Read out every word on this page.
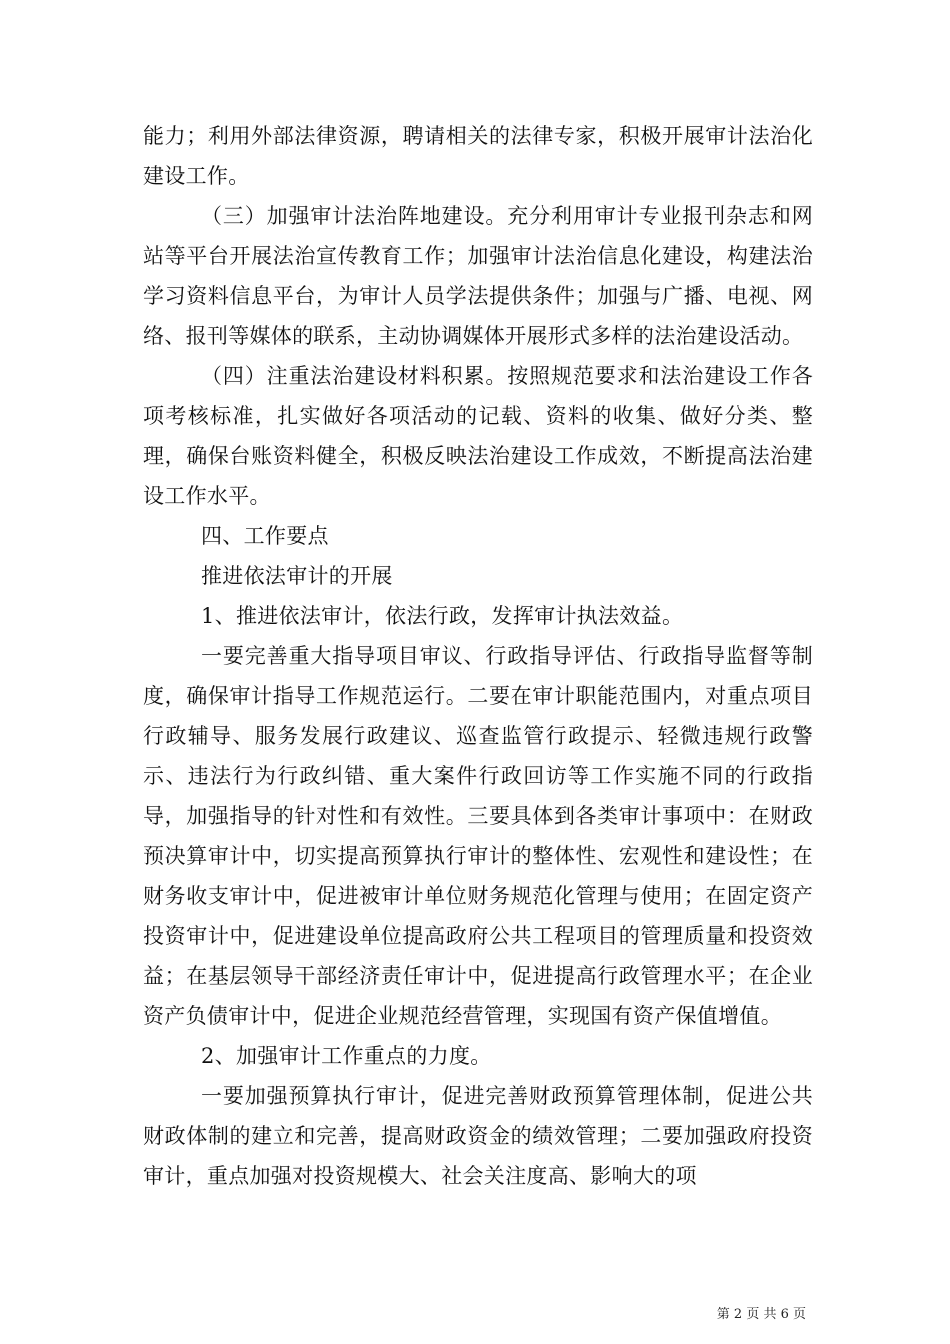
能力；利用外部法律资源，聘请相关的法律专家，积极开展审计法治化建设工作。

（三）加强审计法治阵地建设。充分利用审计专业报刊杂志和网站等平台开展法治宣传教育工作；加强审计法治信息化建设，构建法治学习资料信息平台，为审计人员学法提供条件；加强与广播、电视、网络、报刊等媒体的联系，主动协调媒体开展形式多样的法治建设活动。

（四）注重法治建设材料积累。按照规范要求和法治建设工作各项考核标准，扎实做好各项活动的记载、资料的收集、做好分类、整理，确保台账资料健全，积极反映法治建设工作成效，不断提高法治建设工作水平。

四、工作要点

推进依法审计的开展

1、推进依法审计，依法行政，发挥审计执法效益。

一要完善重大指导项目审议、行政指导评估、行政指导监督等制度，确保审计指导工作规范运行。二要在审计职能范围内，对重点项目行政辅导、服务发展行政建议、巡查监管行政提示、轻微违规行政警示、违法行为行政纠错、重大案件行政回访等工作实施不同的行政指导，加强指导的针对性和有效性。三要具体到各类审计事项中：在财政预决算审计中，切实提高预算执行审计的整体性、宏观性和建设性；在财务收支审计中，促进被审计单位财务规范化管理与使用；在固定资产投资审计中，促进建设单位提高政府公共工程项目的管理质量和投资效益；在基层领导干部经济责任审计中，促进提高行政管理水平；在企业资产负债审计中，促进企业规范经营管理，实现国有资产保值增值。

2、加强审计工作重点的力度。

一要加强预算执行审计，促进完善财政预算管理体制，促进公共财政体制的建立和完善，提高财政资金的绩效管理；二要加强政府投资审计，重点加强对投资规模大、社会关注度高、影响大的项

第 2 页 共 6 页
